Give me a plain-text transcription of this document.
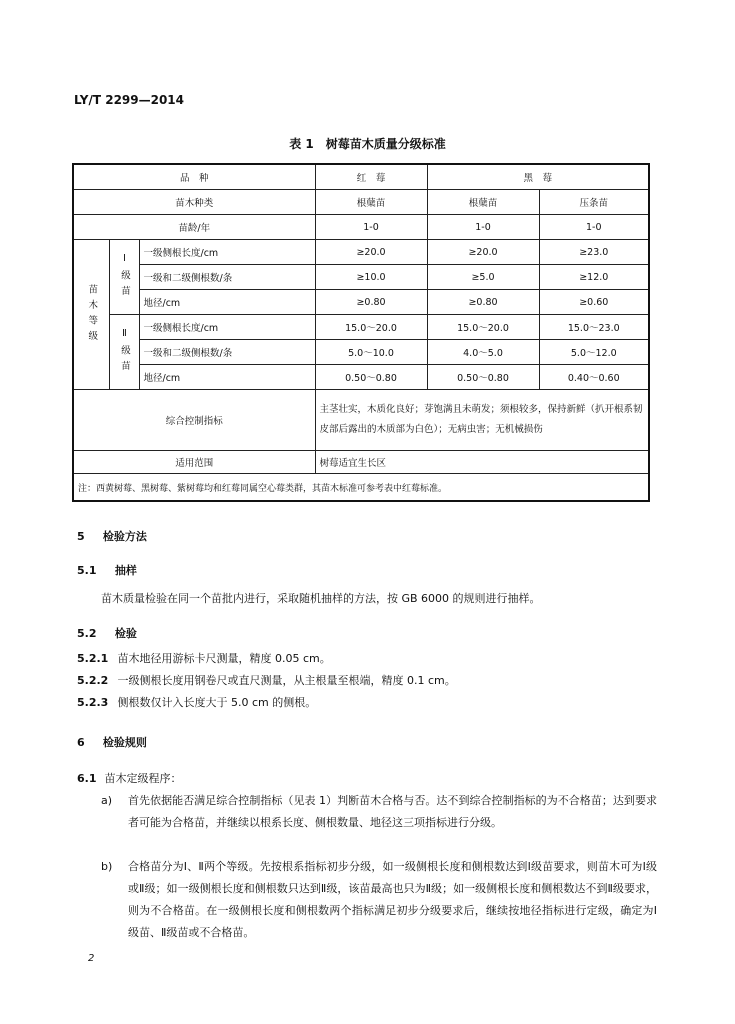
LY/T 2299—2014
表 1　树莓苗木质量分级标准
品　种			红　莓	黑　莓	

苗木种类			根蘖苗	根蘖苗	压条苗
苗龄/年			1-0	1-0	1-0
苗木等级	Ⅰ级苗	一级侧根长度/cm	≥20.0	≥20.0	≥23.0
		一级和二级侧根数/条	≥10.0	≥5.0	≥12.0
		地径/cm	≥0.80	≥0.80	≥0.60
	Ⅱ级苗	一级侧根长度/cm	15.0～20.0	15.0～20.0	15.0～23.0
		一级和二级侧根数/条	5.0～10.0	4.0～5.0	5.0～12.0
		地径/cm	0.50～0.80	0.50～0.80	0.40～0.60
综合控制指标			主茎壮实，木质化良好；芽饱满且未萌发；须根较多，保持新鲜（扒开根系韧皮部后露出的木质部为白色）；无病虫害；无机械损伤		
适用范围			树莓适宜生长区		
注：西黄树莓、黑树莓、紫树莓均和红莓同属空心莓类群，其苗木标准可参考表中红莓标准。					
5 检验方法
5.1 抽样
苗木质量检验在同一个苗批内进行，采取随机抽样的方法，按 GB 6000 的规则进行抽样。
5.2 检验
5.2.1 苗木地径用游标卡尺测量，精度 0.05 cm。
5.2.2 一级侧根长度用钢卷尺或直尺测量，从主根量至根端，精度 0.1 cm。
5.2.3 侧根数仅计入长度大于 5.0 cm 的侧根。
6 检验规则
6.1 苗木定级程序：
a) 首先依据能否满足综合控制指标（见表 1）判断苗木合格与否。达不到综合控制指标的为不合格苗；达到要求者可能为合格苗，并继续以根系长度、侧根数量、地径这三项指标进行分级。
b) 合格苗分为Ⅰ、Ⅱ两个等级。先按根系指标初步分级，如一级侧根长度和侧根数达到Ⅰ级苗要求，则苗木可为Ⅰ级或Ⅱ级；如一级侧根长度和侧根数只达到Ⅱ级，该苗最高也只为Ⅱ级；如一级侧根长度和侧根数达不到Ⅱ级要求，则为不合格苗。在一级侧根长度和侧根数两个指标满足初步分级要求后，继续按地径指标进行定级，确定为Ⅰ级苗、Ⅱ级苗或不合格苗。
2
